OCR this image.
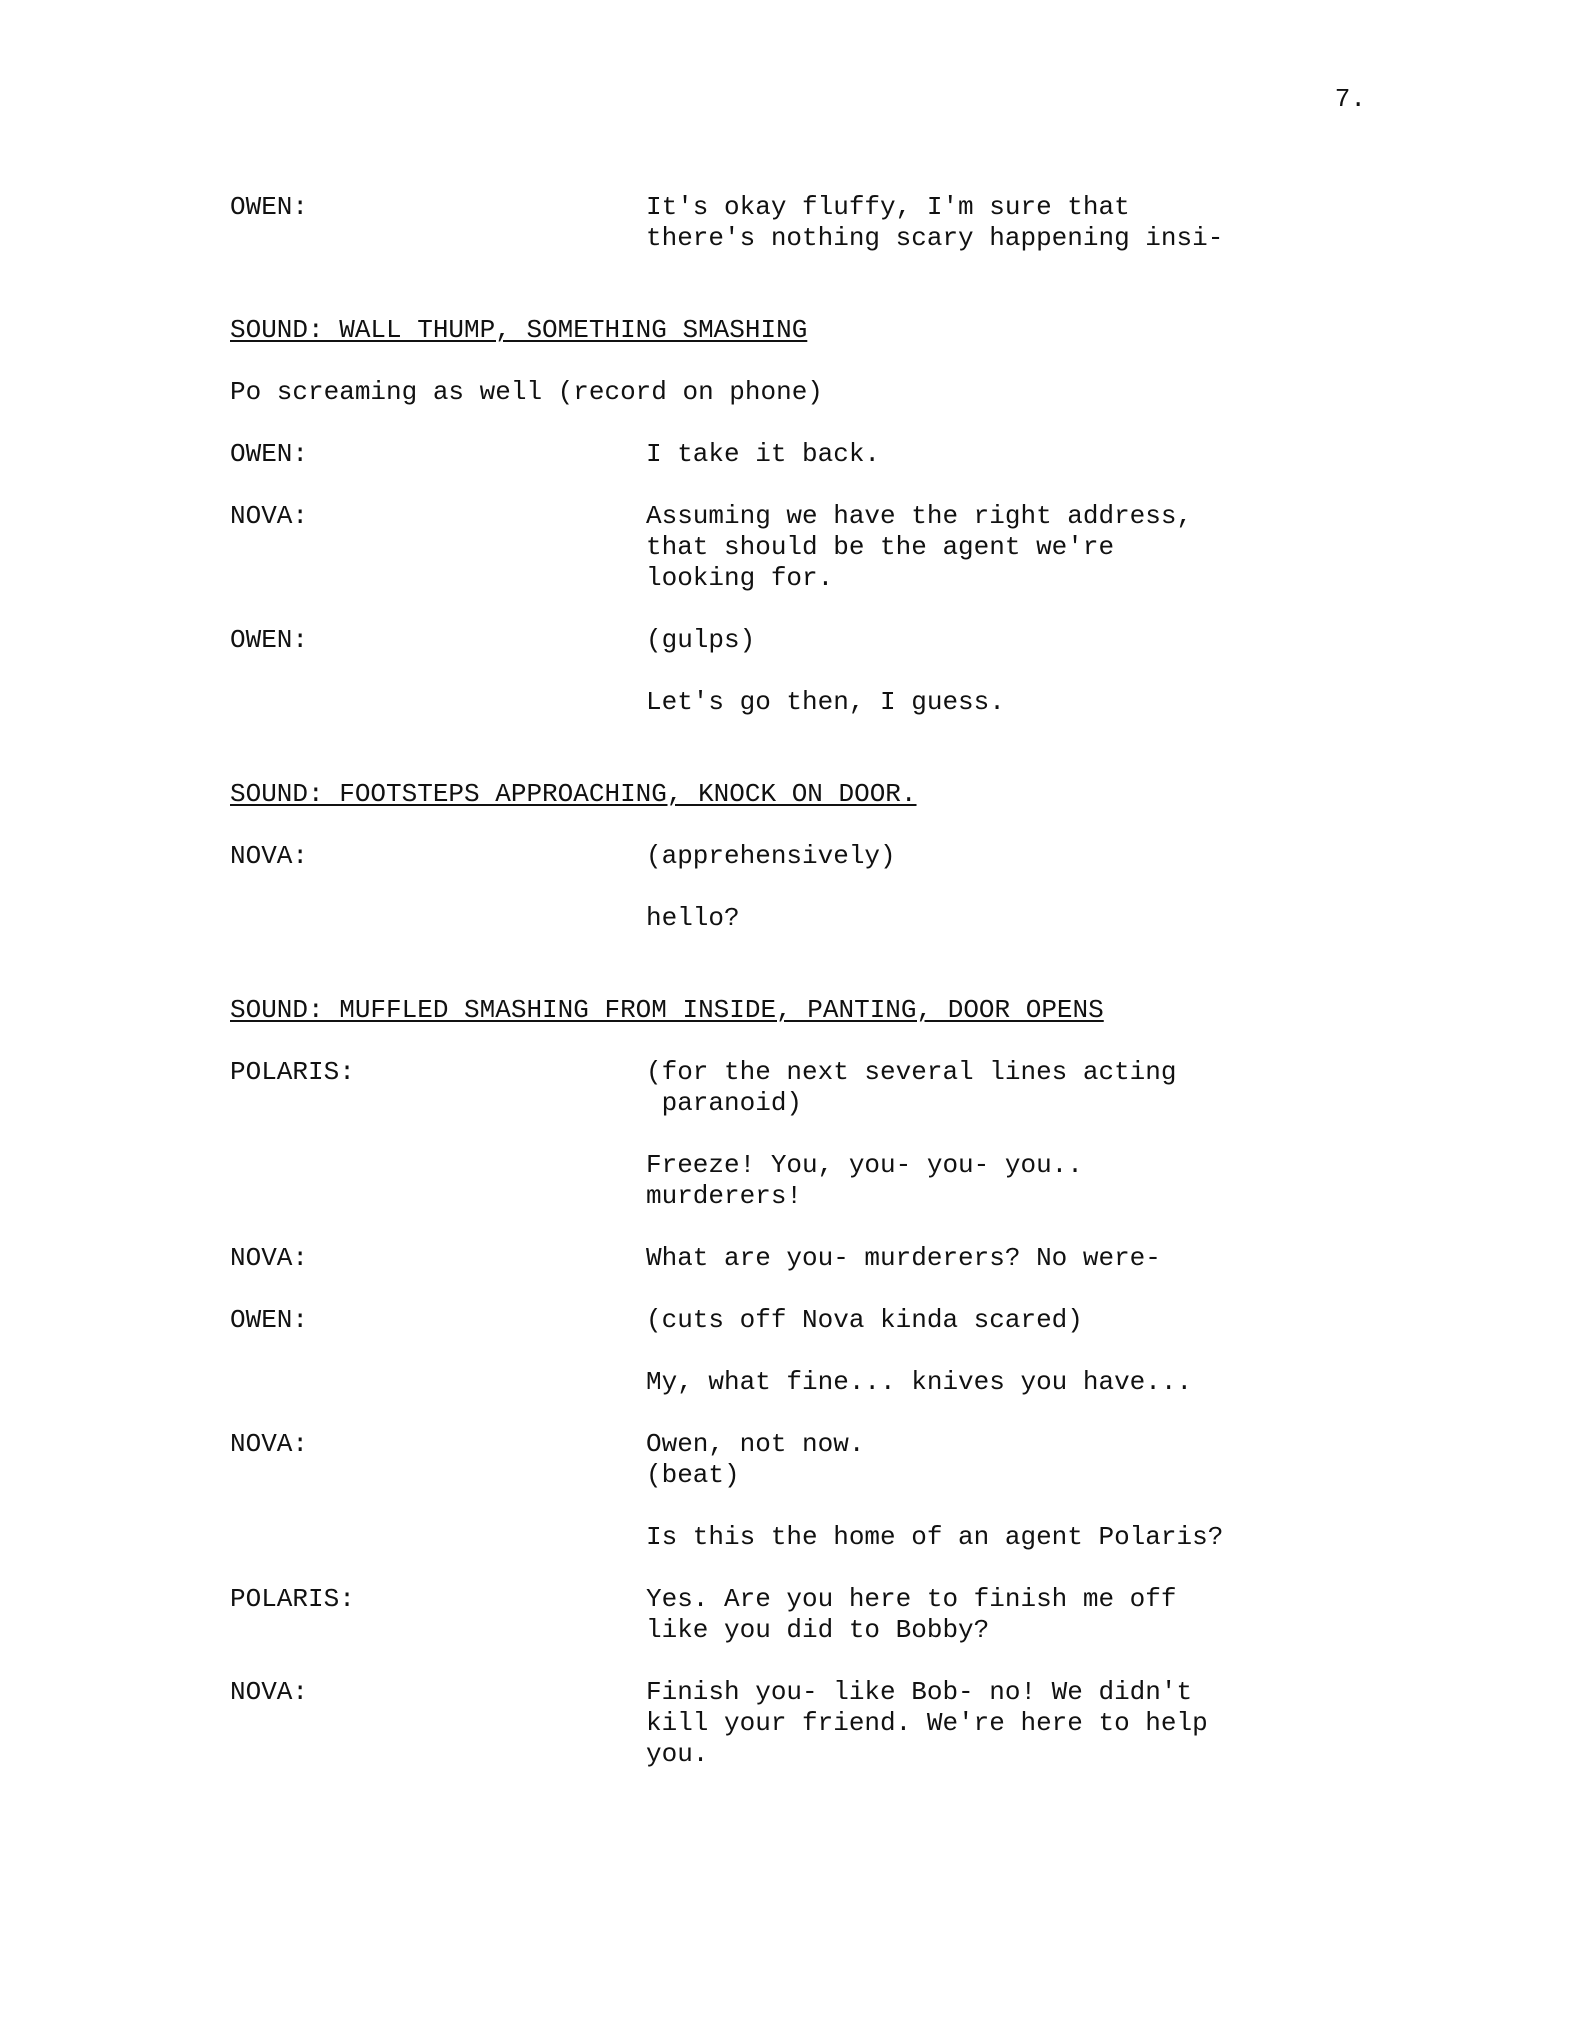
7.
OWEN:	It's okay fluffy, I'm sure that
there's nothing scary happening insi-
SOUND: WALL THUMP, SOMETHING SMASHING
Po screaming as well (record on phone)
OWEN:	I take it back.
NOVA:	Assuming we have the right address,
that should be the agent we're
looking for.
OWEN:	(gulps)
Let's go then, I guess.
SOUND: FOOTSTEPS APPROACHING, KNOCK ON DOOR.
NOVA:	(apprehensively)
hello?
SOUND: MUFFLED SMASHING FROM INSIDE, PANTING, DOOR OPENS
POLARIS:	(for the next several lines acting
paranoid)
Freeze! You, you- you- you..
murderers!
NOVA:	What are you- murderers? No were-
OWEN:	(cuts off Nova kinda scared)
My, what fine... knives you have...
NOVA:	Owen, not now.
(beat)
Is this the home of an agent Polaris?
POLARIS:	Yes. Are you here to finish me off
like you did to Bobby?
NOVA:	Finish you- like Bob- no! We didn't
kill your friend. We're here to help
you.
